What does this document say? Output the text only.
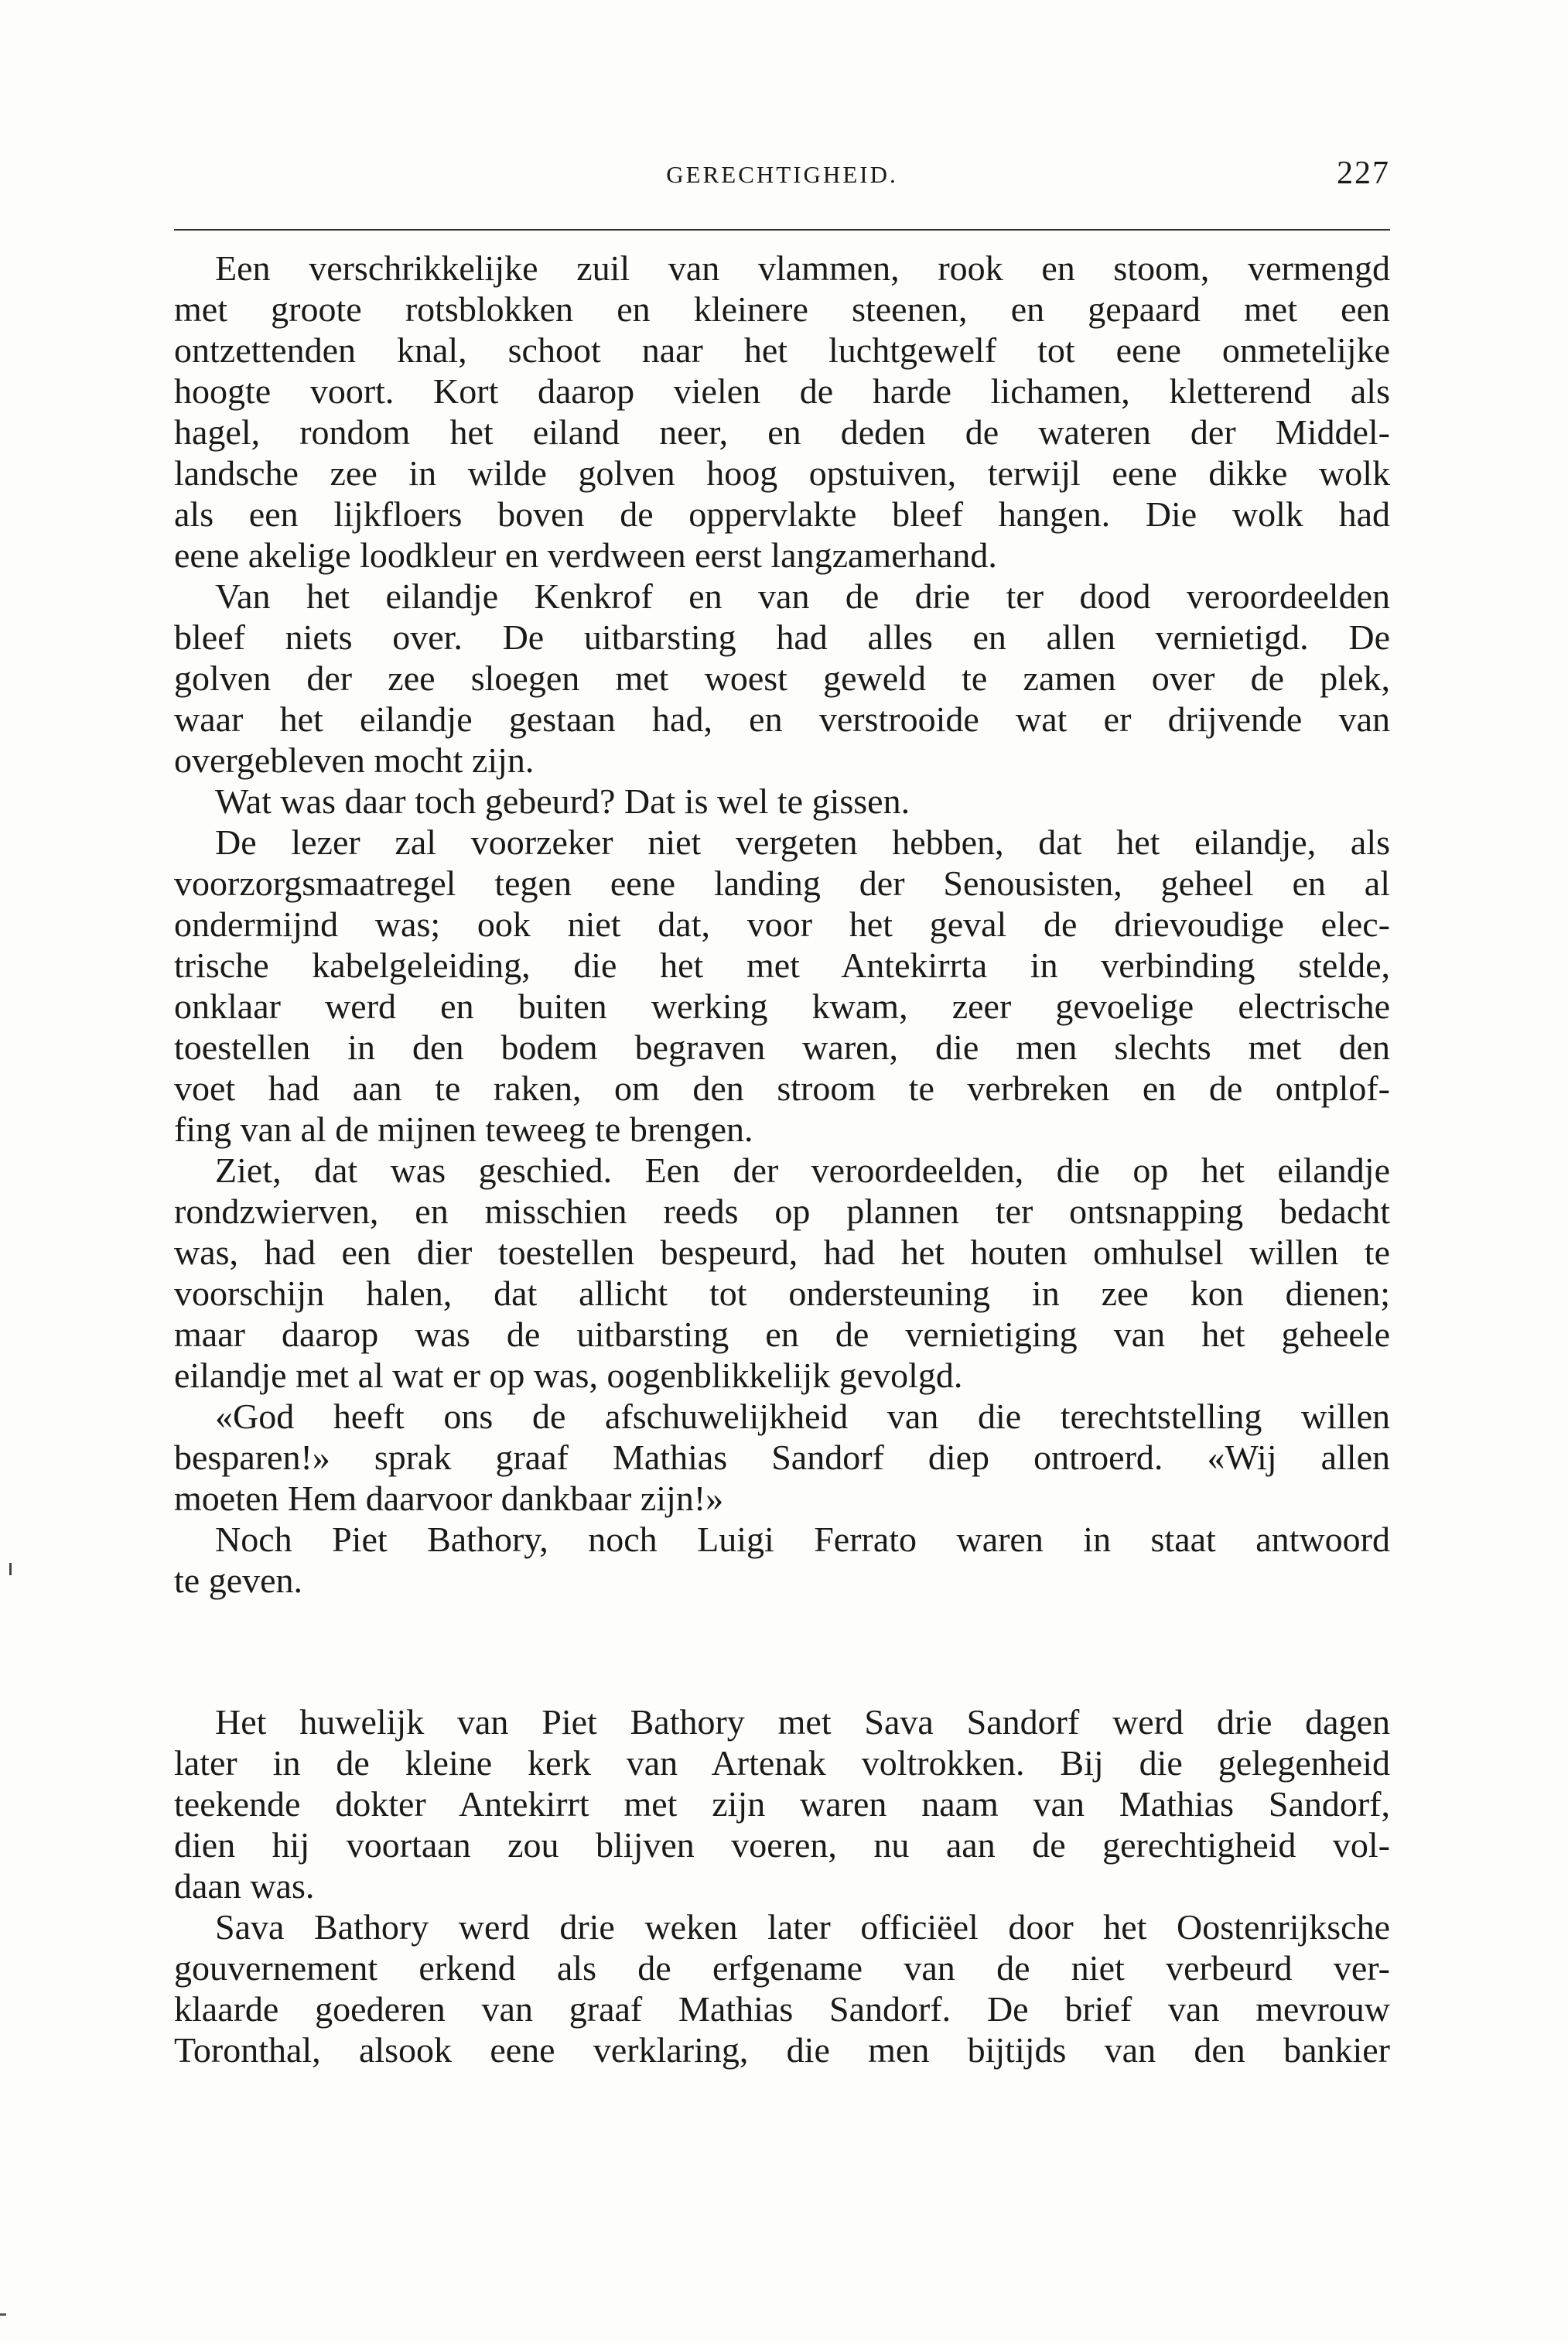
GERECHTIGHEID.	227
Een verschrikkelijke zuil van vlammen, rook en stoom, vermengd
met groote rotsblokken en kleinere steenen, en gepaard met een
ontzettenden knal, schoot naar het luchtgewelf tot eene onmetelijke
hoogte voort. Kort daarop vielen de harde lichamen, kletterend als
hagel, rondom het eiland neer, en deden de wateren der Middel-
landsche zee in wilde golven hoog opstuiven, terwijl eene dikke wolk
als een lijkfloers boven de oppervlakte bleef hangen. Die wolk had
eene akelige loodkleur en verdween eerst langzamerhand.
Van het eilandje Kenkrof en van de drie ter dood veroordeelden
bleef niets over. De uitbarsting had alles en allen vernietigd. De
golven der zee sloegen met woest geweld te zamen over de plek,
waar het eilandje gestaan had, en verstrooide wat er drijvende van
overgebleven mocht zijn.
Wat was daar toch gebeurd? Dat is wel te gissen.
De lezer zal voorzeker niet vergeten hebben, dat het eilandje, als
voorzorgsmaatregel tegen eene landing der Senousisten, geheel en al
ondermijnd was; ook niet dat, voor het geval de drievoudige elec-
trische kabelgeleiding, die het met Antekirrta in verbinding stelde,
onklaar werd en buiten werking kwam, zeer gevoelige electrische
toestellen in den bodem begraven waren, die men slechts met den
voet had aan te raken, om den stroom te verbreken en de ontplof-
fing van al de mijnen teweeg te brengen.
Ziet, dat was geschied. Een der veroordeelden, die op het eilandje
rondzwierven, en misschien reeds op plannen ter ontsnapping bedacht
was, had een dier toestellen bespeurd, had het houten omhulsel willen te
voorschijn halen, dat allicht tot ondersteuning in zee kon dienen;
maar daarop was de uitbarsting en de vernietiging van het geheele
eilandje met al wat er op was, oogenblikkelijk gevolgd.
«God heeft ons de afschuwelijkheid van die terechtstelling willen
besparen!» sprak graaf Mathias Sandorf diep ontroerd. «Wij allen
moeten Hem daarvoor dankbaar zijn!»
Noch Piet Bathory, noch Luigi Ferrato waren in staat antwoord
te geven.
Het huwelijk van Piet Bathory met Sava Sandorf werd drie dagen
later in de kleine kerk van Artenak voltrokken. Bij die gelegenheid
teekende dokter Antekirrt met zijn waren naam van Mathias Sandorf,
dien hij voortaan zou blijven voeren, nu aan de gerechtigheid vol-
daan was.
Sava Bathory werd drie weken later officiëel door het Oostenrijksche
gouvernement erkend als de erfgename van de niet verbeurd ver-
klaarde goederen van graaf Mathias Sandorf. De brief van mevrouw
Toronthal, alsook eene verklaring, die men bijtijds van den bankier
